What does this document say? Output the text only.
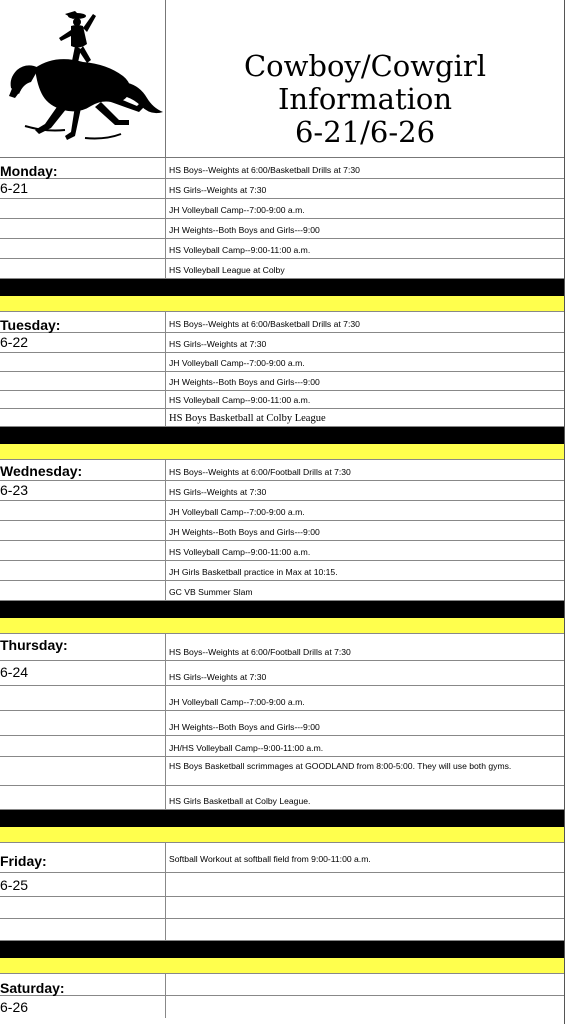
Cowboy/Cowgirl
Information
6-21/6-26
Monday:	HS Boys--Weights at 6:00/Basketball Drills at 7:30
6-21	HS Girls--Weights at 7:30
JH Volleyball Camp--7:00-9:00 a.m.
JH Weights--Both Boys and Girls---9:00
HS Volleyball Camp--9:00-11:00 a.m.
HS Volleyball League at Colby
Tuesday:	HS Boys--Weights at 6:00/Basketball Drills at 7:30
6-22	HS Girls--Weights at 7:30
JH Volleyball Camp--7:00-9:00 a.m.
JH Weights--Both Boys and Girls---9:00
HS Volleyball Camp--9:00-11:00 a.m.
HS Boys Basketball at Colby League
Wednesday:	HS Boys--Weights at 6:00/Football Drills at 7:30
6-23	HS Girls--Weights at 7:30
JH Volleyball Camp--7:00-9:00 a.m.
JH Weights--Both Boys and Girls---9:00
HS Volleyball Camp--9:00-11:00 a.m.
JH Girls Basketball practice in Max at 10:15.
GC VB Summer Slam
Thursday:	HS Boys--Weights at 6:00/Football Drills at 7:30
6-24	HS Girls--Weights at 7:30
JH Volleyball Camp--7:00-9:00 a.m.
JH Weights--Both Boys and Girls---9:00
JH/HS Volleyball Camp--9:00-11:00 a.m.
HS Boys Basketball scrimmages at GOODLAND from 8:00-5:00. They will use both gyms.
HS Girls Basketball at Colby League.
Friday:	Softball Workout at softball field from 9:00-11:00 a.m.
6-25
Saturday:
6-26
